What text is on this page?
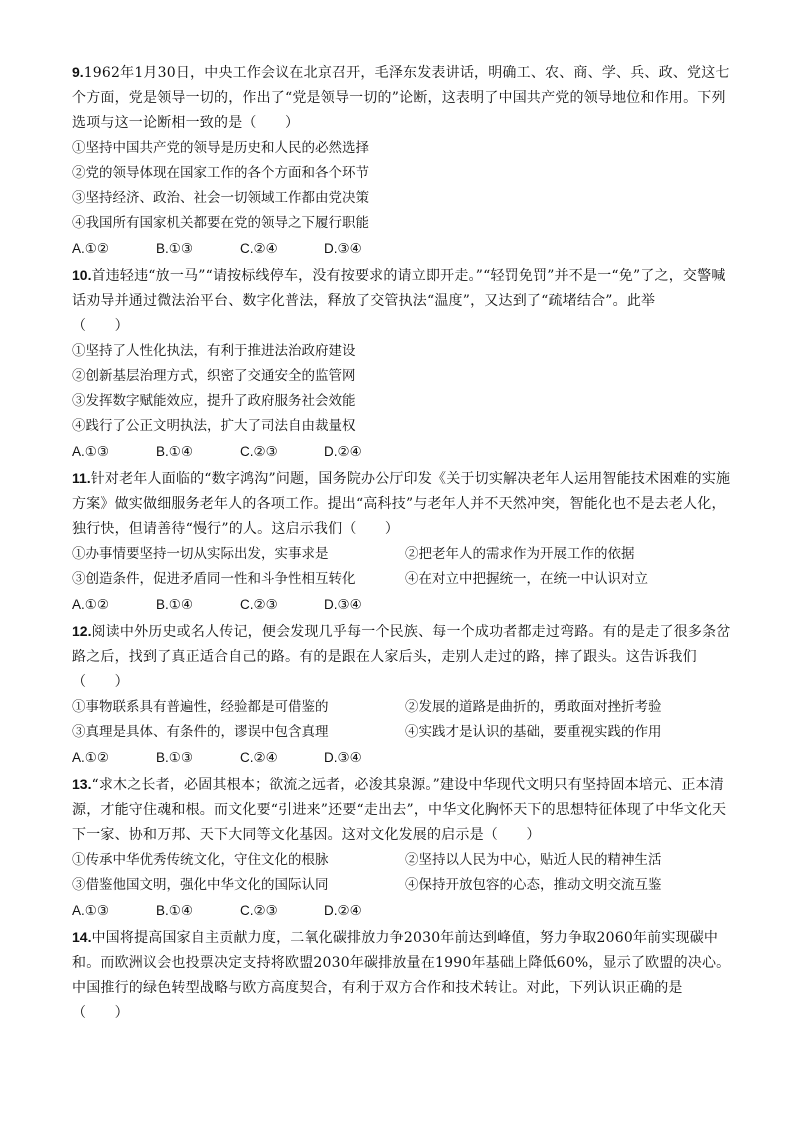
9.1962年1月30日，中央工作会议在北京召开，毛泽东发表讲话，明确工、农、商、学、兵、政、党这七个方面，党是领导一切的，作出了“党是领导一切的”论断，这表明了中国共产党的领导地位和作用。下列选项与这一论断相一致的是（　　）

①坚持中国共产党的领导是历史和人民的必然选择

②党的领导体现在国家工作的各个方面和各个环节

③坚持经济、政治、社会一切领域工作都由党决策

④我国所有国家机关都要在党的领导之下履行职能

A.①②	B.①③	C.②④	D.③④

10.首违轻违“放一马”“请按标线停车，没有按要求的请立即开走。”“轻罚免罚”并不是一“免”了之，交警喊话劝导并通过微法治平台、数字化普法，释放了交管执法“温度”，又达到了“疏堵结合”。此举

（　　）

①坚持了人性化执法，有利于推进法治政府建设

②创新基层治理方式，织密了交通安全的监管网

③发挥数字赋能效应，提升了政府服务社会效能

④践行了公正文明执法，扩大了司法自由裁量权

A.①③	B.①④	C.②③	D.②④

11.针对老年人面临的“数字鸿沟”问题，国务院办公厅印发《关于切实解决老年人运用智能技术困难的实施方案》做实做细服务老年人的各项工作。提出“高科技”与老年人并不天然冲突，智能化也不是去老人化，独行快，但请善待“慢行”的人。这启示我们（　　）

①办事情要坚持一切从实际出发，实事求是	②把老年人的需求作为开展工作的依据
③创造条件，促进矛盾同一性和斗争性相互转化	④在对立中把握统一，在统一中认识对立
A.①②	B.①④	C.②③	D.③④

12.阅读中外历史或名人传记，便会发现几乎每一个民族、每一个成功者都走过弯路。有的是走了很多条岔路之后，找到了真正适合自己的路。有的是跟在人家后头，走别人走过的路，摔了跟头。这告诉我们

（　　）

①事物联系具有普遍性，经验都是可借鉴的	②发展的道路是曲折的，勇敢面对挫折考验
③真理是具体、有条件的，谬误中包含真理	④实践才是认识的基础，要重视实践的作用
A.①②	B.①③	C.②④	D.③④

13.“求木之长者，必固其根本；欲流之远者，必浚其泉源。”建设中华现代文明只有坚持固本培元、正本清源，才能守住魂和根。而文化要“引进来”还要“走出去”，中华文化胸怀天下的思想特征体现了中华文化天下一家、协和万邦、天下大同等文化基因。这对文化发展的启示是（　　）

①传承中华优秀传统文化，守住文化的根脉	②坚持以人民为中心，贴近人民的精神生活
③借鉴他国文明，强化中华文化的国际认同	④保持开放包容的心态，推动文明交流互鉴
A.①③	B.①④	C.②③	D.②④

14.中国将提高国家自主贡献力度，二氧化碳排放力争2030年前达到峰值，努力争取2060年前实现碳中和。而欧洲议会也投票决定支持将欧盟2030年碳排放量在1990年基础上降低60%，显示了欧盟的决心。中国推行的绿色转型战略与欧方高度契合，有利于双方合作和技术转让。对此，下列认识正确的是

（　　）
